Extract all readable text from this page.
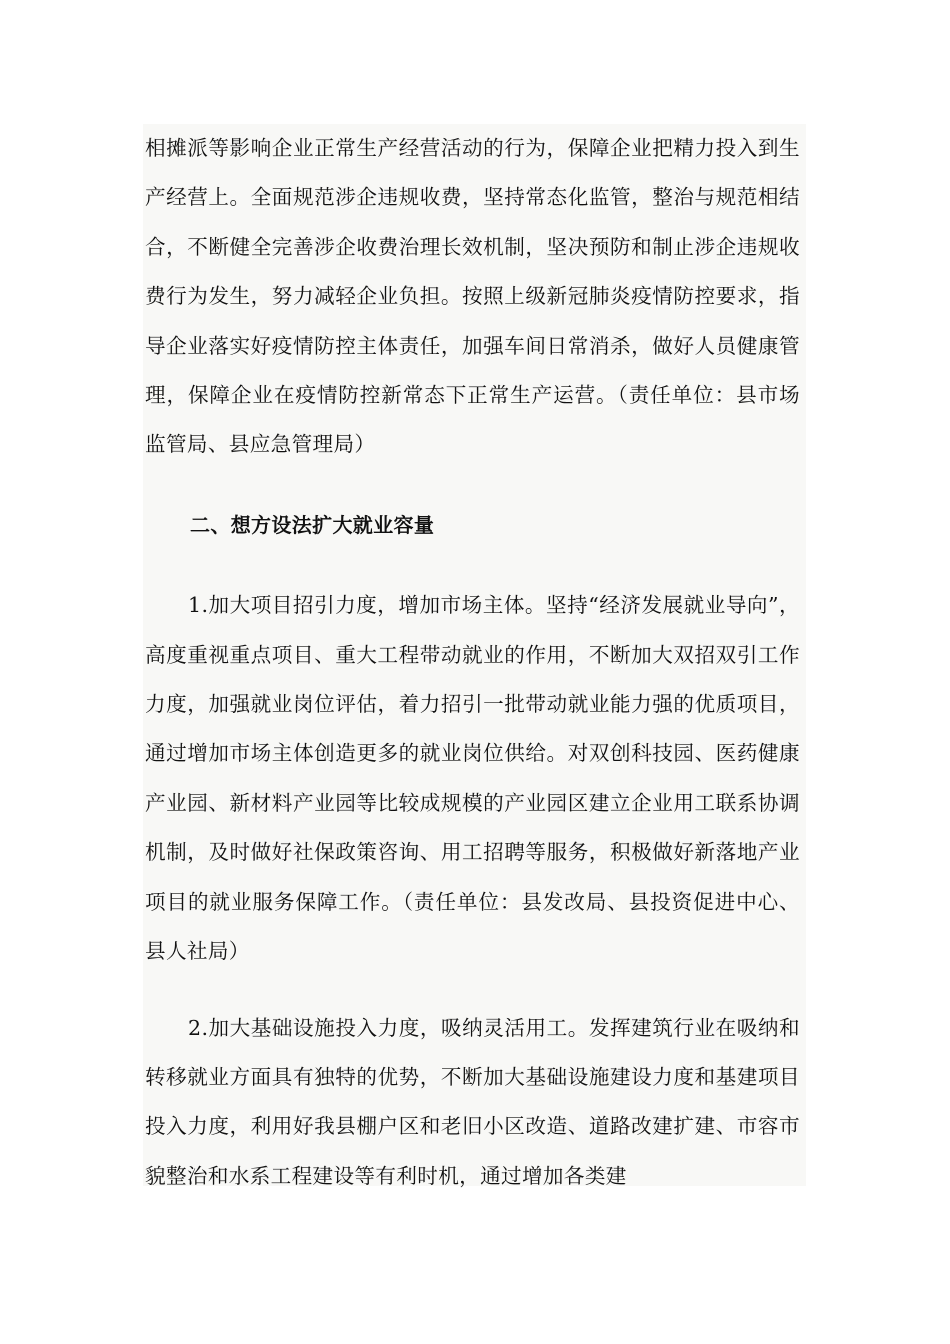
相摊派等影响企业正常生产经营活动的行为，保障企业把精力投入到生产经营上。全面规范涉企违规收费，坚持常态化监管，整治与规范相结合，不断健全完善涉企收费治理长效机制，坚决预防和制止涉企违规收费行为发生，努力减轻企业负担。按照上级新冠肺炎疫情防控要求，指导企业落实好疫情防控主体责任，加强车间日常消杀，做好人员健康管理，保障企业在疫情防控新常态下正常生产运营。（责任单位：县市场监管局、县应急管理局）

二、想方设法扩大就业容量

1.加大项目招引力度，增加市场主体。坚持“经济发展就业导向”，高度重视重点项目、重大工程带动就业的作用，不断加大双招双引工作力度，加强就业岗位评估，着力招引一批带动就业能力强的优质项目，通过增加市场主体创造更多的就业岗位供给。对双创科技园、医药健康产业园、新材料产业园等比较成规模的产业园区建立企业用工联系协调机制，及时做好社保政策咨询、用工招聘等服务，积极做好新落地产业项目的就业服务保障工作。（责任单位：县发改局、县投资促进中心、县人社局）

2.加大基础设施投入力度，吸纳灵活用工。发挥建筑行业在吸纳和转移就业方面具有独特的优势，不断加大基础设施建设力度和基建项目投入力度，利用好我县棚户区和老旧小区改造、道路改建扩建、市容市貌整治和水系工程建设等有利时机，通过增加各类建
